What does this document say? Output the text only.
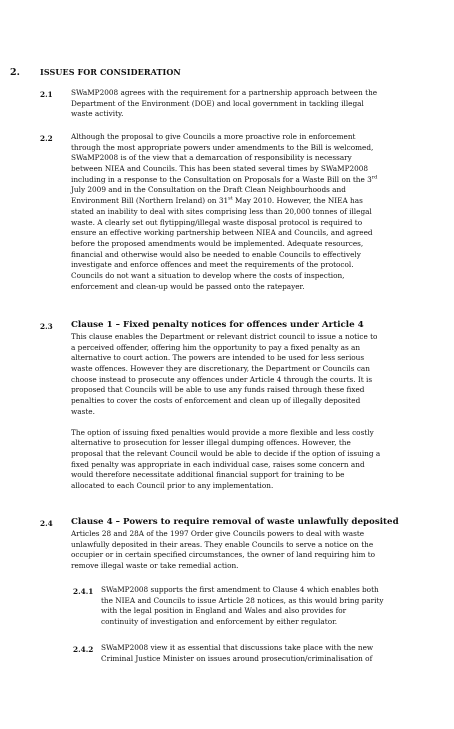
2.	ISSUES FOR CONSIDERATION
2.1	SWaMP2008 agrees with the requirement for a partnership approach between the
Department of the Environment (DOE) and local government in tackling illegal
waste activity.
2.2	Although the proposal to give Councils a more proactive role in enforcement
through the most appropriate powers under amendments to the Bill is welcomed,
SWaMP2008 is of the view that a demarcation of responsibility is necessary
between NIEA and Councils. This has been stated several times by SWaMP2008
including in a response to the Consultation on Proposals for a Waste Bill on the 3rd
July 2009 and in the Consultation on the Draft Clean Neighbourhoods and
Environment Bill (Northern Ireland) on 31st May 2010. However, the NIEA has
stated an inability to deal with sites comprising less than 20,000 tonnes of illegal
waste. A clearly set out flytipping/illegal waste disposal protocol is required to
ensure an effective working partnership between NIEA and Councils, and agreed
before the proposed amendments would be implemented. Adequate resources,
financial and otherwise would also be needed to enable Councils to effectively
investigate and enforce offences and meet the requirements of the protocol.
Councils do not want a situation to develop where the costs of inspection,
enforcement and clean-up would be passed onto the ratepayer.
2.3 Clause 1 – Fixed penalty notices for offences under Article 4
This clause enables the Department or relevant district council to issue a notice to
a perceived offender, offering him the opportunity to pay a fixed penalty as an
alternative to court action. The powers are intended to be used for less serious
waste offences. However they are discretionary, the Department or Councils can
choose instead to prosecute any offences under Article 4 through the courts. It is
proposed that Councils will be able to use any funds raised through these fixed
penalties to cover the costs of enforcement and clean up of illegally deposited
waste.
The option of issuing fixed penalties would provide a more flexible and less costly
alternative to prosecution for lesser illegal dumping offences. However, the
proposal that the relevant Council would be able to decide if the option of issuing a
fixed penalty was appropriate in each individual case, raises some concern and
would therefore necessitate additional financial support for training to be
allocated to each Council prior to any implementation.
2.4 Clause 4 – Powers to require removal of waste unlawfully deposited
Articles 28 and 28A of the 1997 Order give Councils powers to deal with waste
unlawfully deposited in their areas. They enable Councils to serve a notice on the
occupier or in certain specified circumstances, the owner of land requiring him to
remove illegal waste or take remedial action.
2.4.1 SWaMP2008 supports the first amendment to Clause 4 which enables both
the NIEA and Councils to issue Article 28 notices, as this would bring parity
with the legal position in England and Wales and also provides for
continuity of investigation and enforcement by either regulator.
2.4.2 SWaMP2008 view it as essential that discussions take place with the new
Criminal Justice Minister on issues around prosecution/criminalisation of
